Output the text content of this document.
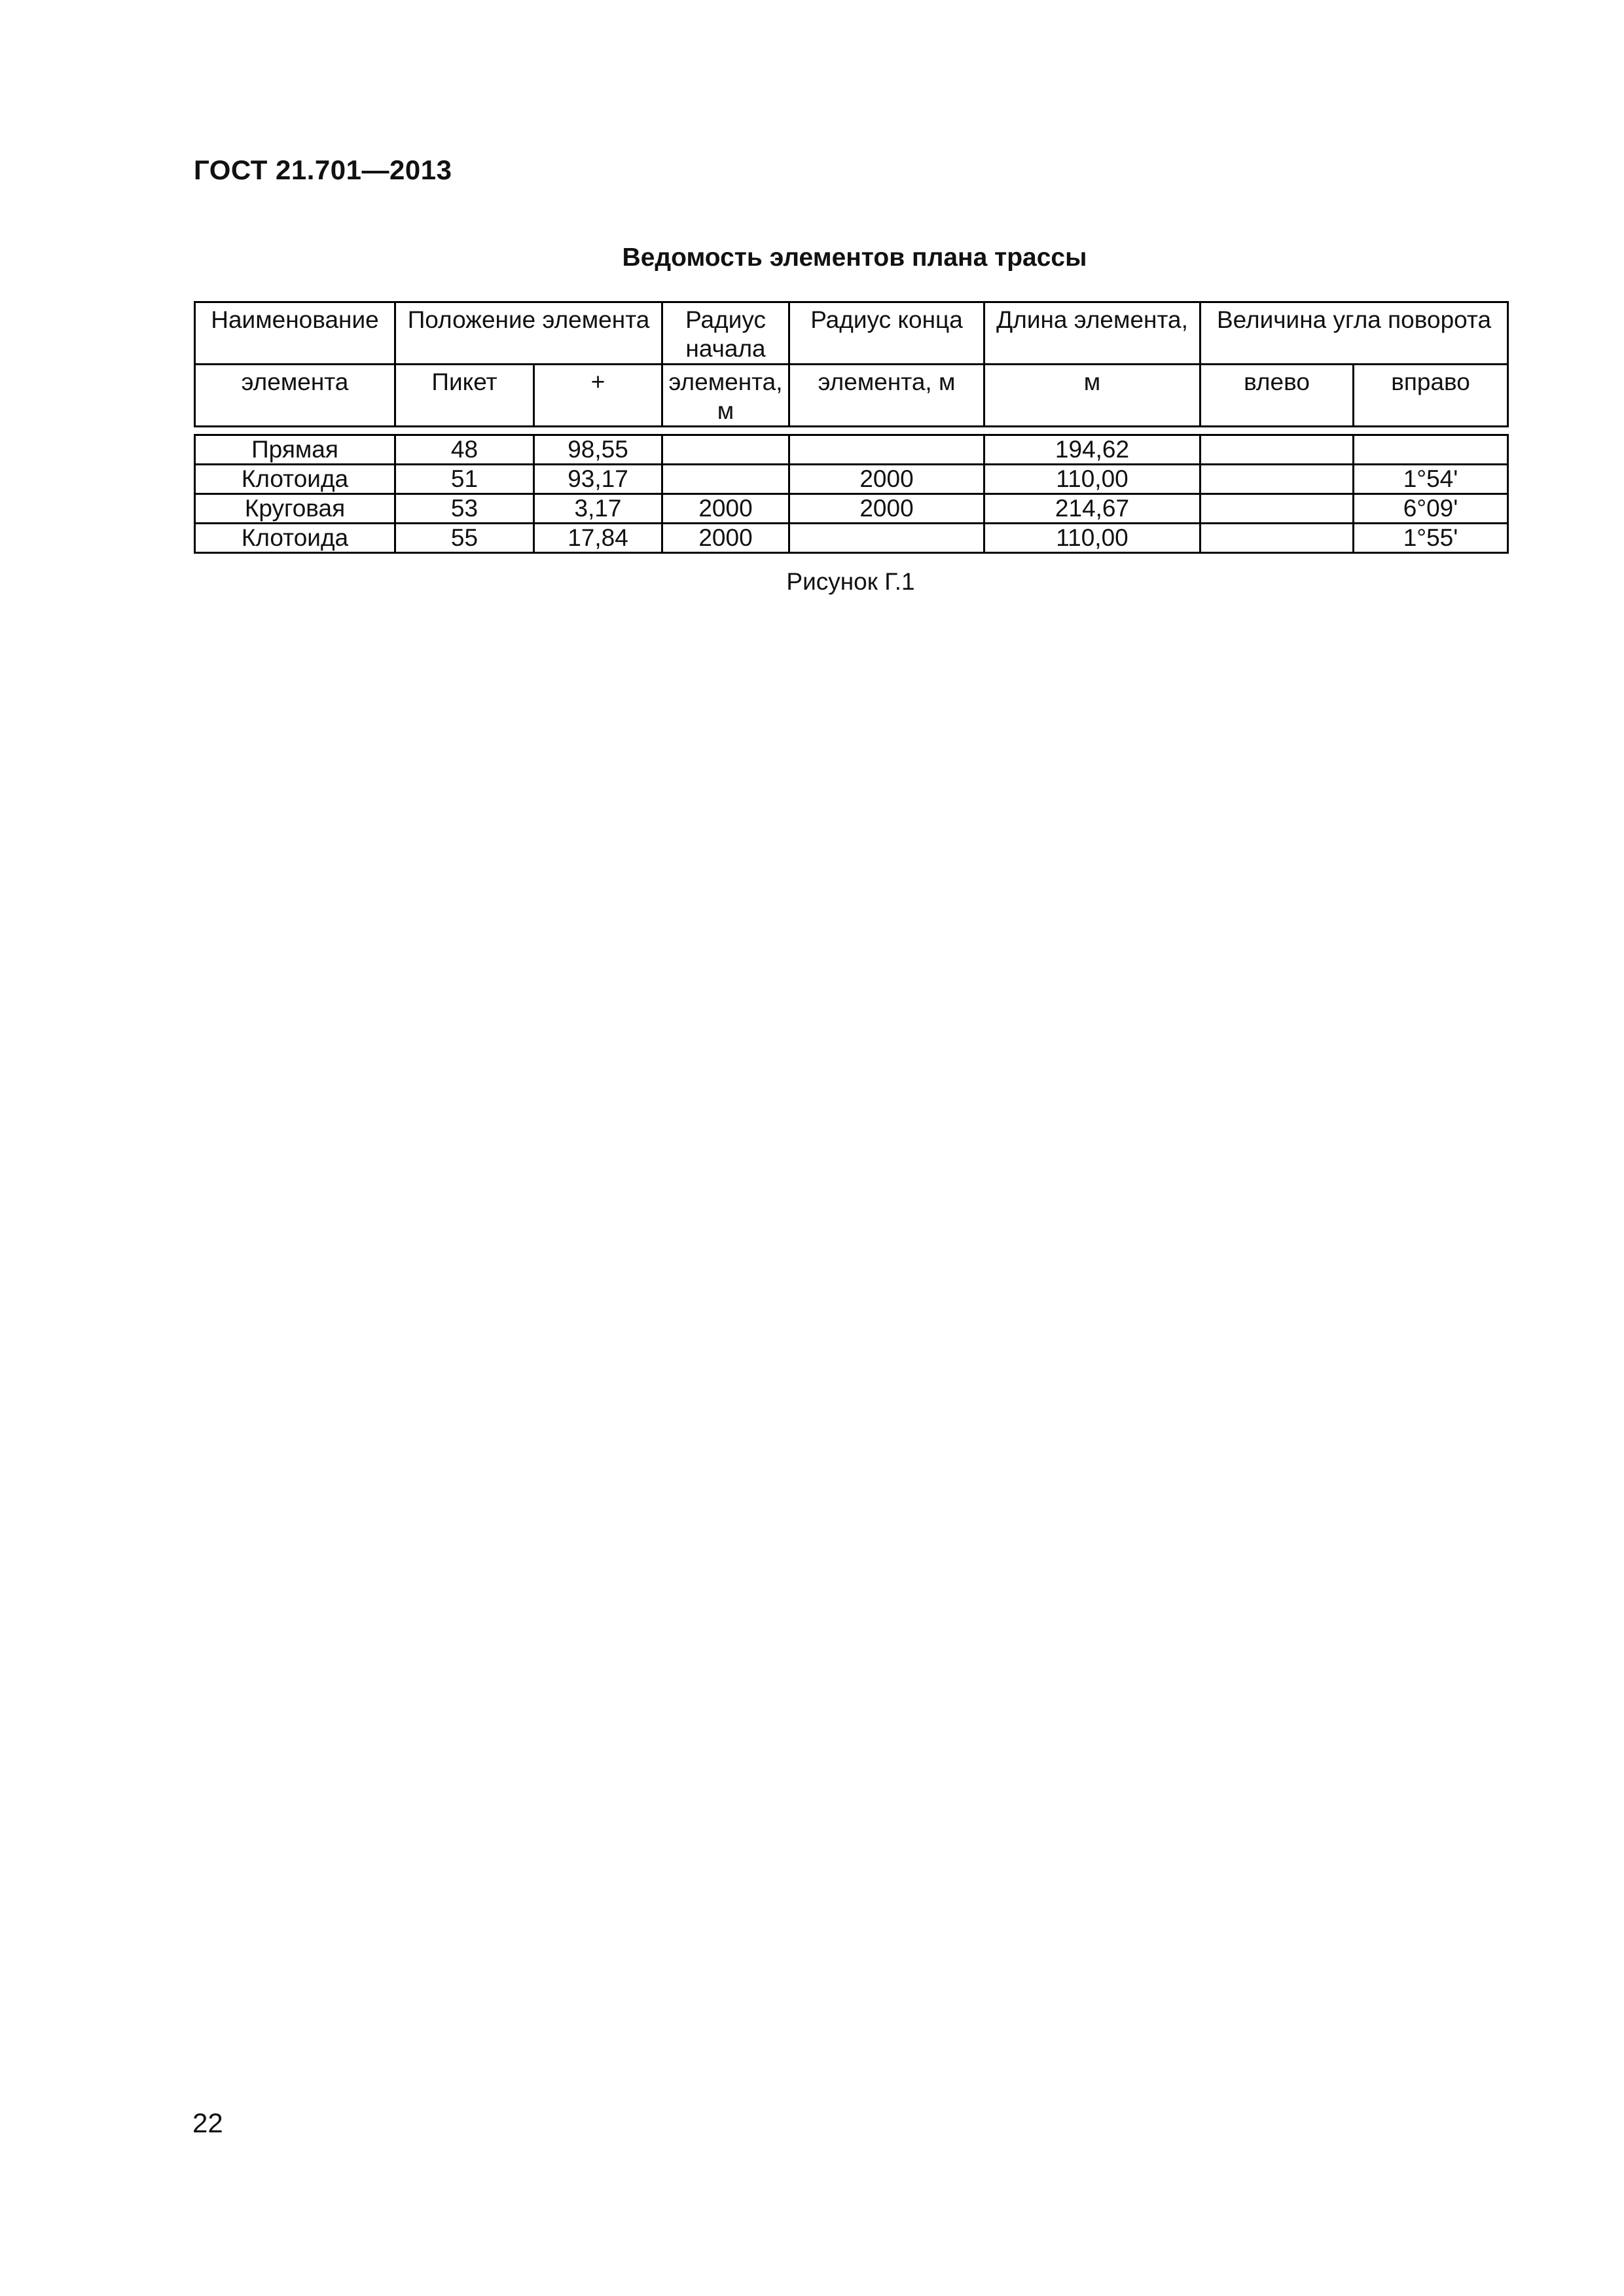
ГОСТ 21.701—2013
Ведомость элементов плана трассы
Наименование	Положение элемента		Радиус начала	Радиус конца	Длина элемента,	Величина угла поворота	
элемента	Пикет	+	элемента, м	элемента, м	м	влево	вправо

Прямая	48	98,55			194,62		
Клотоида	51	93,17		2000	110,00		1°54'
Круговая	53	3,17	2000	2000	214,67		6°09'
Клотоида	55	17,84	2000		110,00		1°55'
Рисунок Г.1
22
